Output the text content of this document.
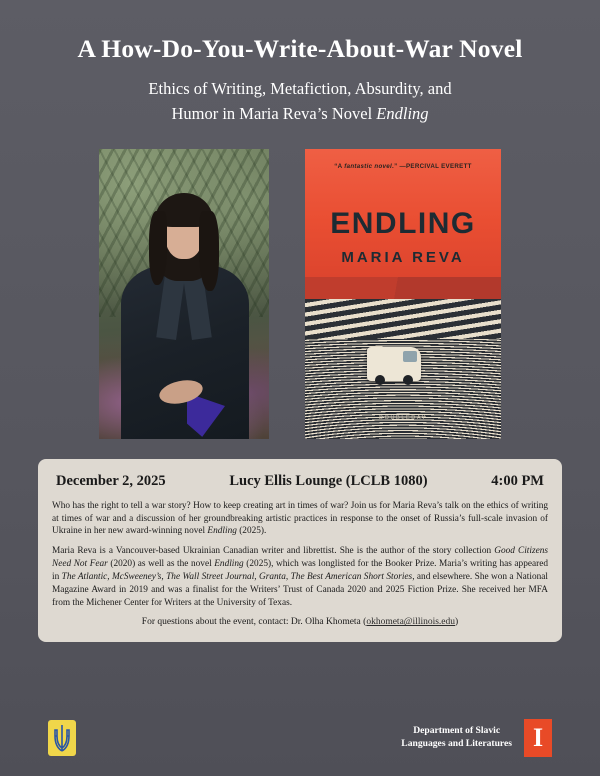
A How-Do-You-Write-About-War Novel
Ethics of Writing, Metafiction, Absurdity, and
Humor in Maria Reva’s Novel Endling
“A fantastic novel.” —PERCIVAL EVERETT
ENDLING
MARIA REVA
DOUBLEDAY
December 2, 2025	Lucy Ellis Lounge (LCLB 1080)	4:00 PM

Who has the right to tell a war story? How to keep creating art in times of war? Join us for Maria Reva’s talk on the ethics of writing at times of war and a discussion of her groundbreaking artistic practices in response to the onset of Russia’s full-scale invasion of Ukraine in her new award-winning novel Endling (2025).

Maria Reva is a Vancouver-based Ukrainian Canadian writer and librettist. She is the author of the story collection Good Citizens Need Not Fear (2020) as well as the novel Endling (2025), which was longlisted for the Booker Prize. Maria’s writing has appeared in The Atlantic, McSweeney’s, The Wall Street Journal, Granta, The Best American Short Stories, and elsewhere. She won a National Magazine Award in 2019 and was a finalist for the Writers’ Trust of Canada 2020 and 2025 Fiction Prize. She received her MFA from the Michener Center for Writers at the University of Texas.

For questions about the event, contact: Dr. Olha Khometa (okhometa@illinois.edu)

Department of Slavic
Languages and Literatures I
